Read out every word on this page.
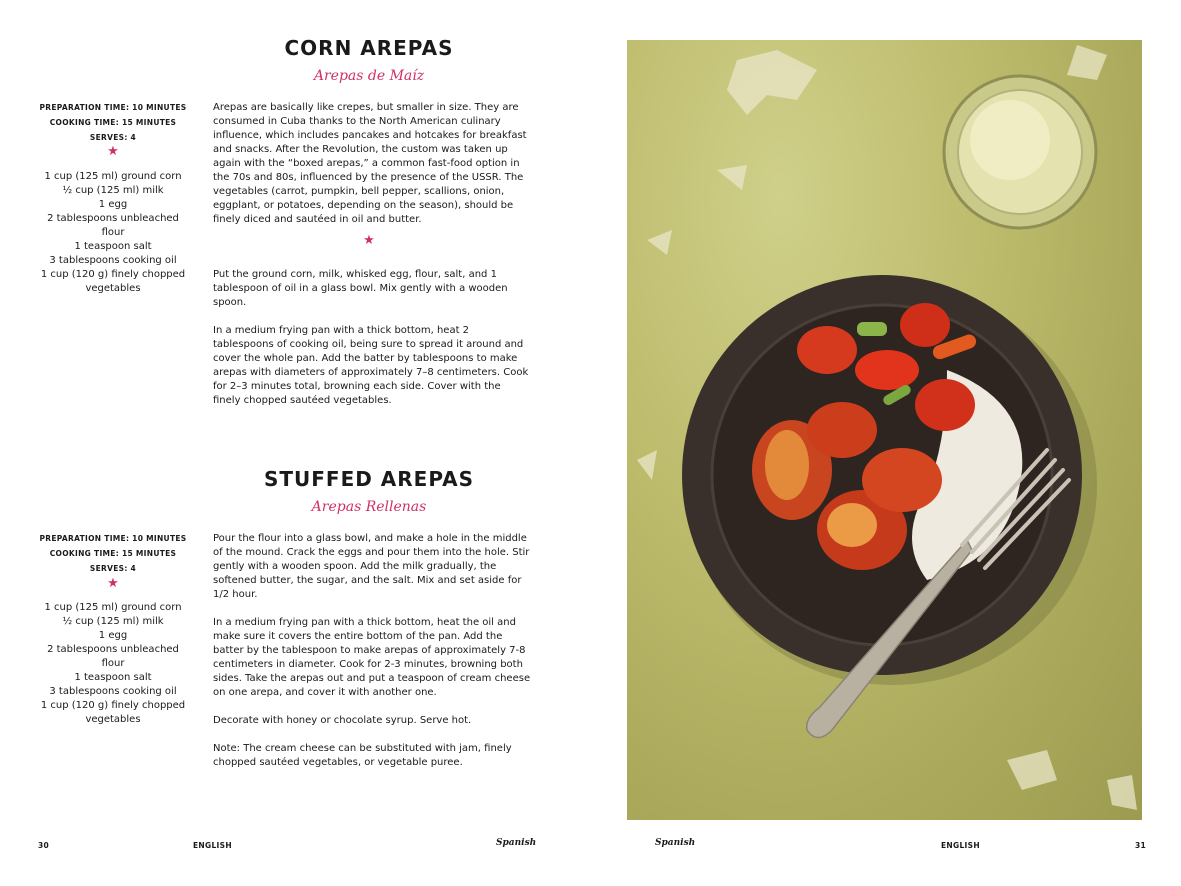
CORN AREPAS
Arepas de Maíz
PREPARATION TIME: 10 MINUTES
COOKING TIME: 15 MINUTES
SERVES: 4
★
1 cup (125 ml) ground corn
½ cup (125 ml) milk
1 egg
2 tablespoons unbleached
flour
1 teaspoon salt
3 tablespoons cooking oil
1 cup (120 g) finely chopped
vegetables

Arepas are basically like crepes, but smaller in size. They are consumed in Cuba thanks to the North American culinary influence, which includes pancakes and hotcakes for breakfast and snacks. After the Revolution, the custom was taken up again with the “boxed arepas,” a common fast-food option in the 70s and 80s, influenced by the presence of the USSR. The vegetables (carrot, pumpkin, bell pepper, scallions, onion, eggplant, or potatoes, depending on the season), should be finely diced and sautéed in oil and butter.

★

Put the ground corn, milk, whisked egg, flour, salt, and 1 tablespoon of oil in a glass bowl. Mix gently with a wooden spoon.

In a medium frying pan with a thick bottom, heat 2 tablespoons of cooking oil, being sure to spread it around and cover the whole pan. Add the batter by tablespoons to make arepas with diameters of approximately 7–8 centimeters. Cook for 2–3 minutes total, browning each side. Cover with the finely chopped sautéed vegetables.

STUFFED AREPAS
Arepas Rellenas
PREPARATION TIME: 10 MINUTES
COOKING TIME: 15 MINUTES
SERVES: 4
★
1 cup (125 ml) ground corn
½ cup (125 ml) milk
1 egg
2 tablespoons unbleached
flour
1 teaspoon salt
3 tablespoons cooking oil
1 cup (120 g) finely chopped
vegetables

Pour the flour into a glass bowl, and make a hole in the middle of the mound. Crack the eggs and pour them into the hole. Stir gently with a wooden spoon. Add the milk gradually, the softened butter, the sugar, and the salt. Mix and set aside for 1/2 hour.

In a medium frying pan with a thick bottom, heat the oil and make sure it covers the entire bottom of the pan. Add the batter by the tablespoon to make arepas of approximately 7-8 centimeters in diameter. Cook for 2-3 minutes, browning both sides. Take the arepas out and put a teaspoon of cream cheese on one arepa, and cover it with another one.

Decorate with honey or chocolate syrup. Serve hot.

Note: The cream cheese can be substituted with jam, finely chopped sautéed vegetables, or vegetable puree.

30	ENGLISH	Spanish	Spanish	ENGLISH	31
